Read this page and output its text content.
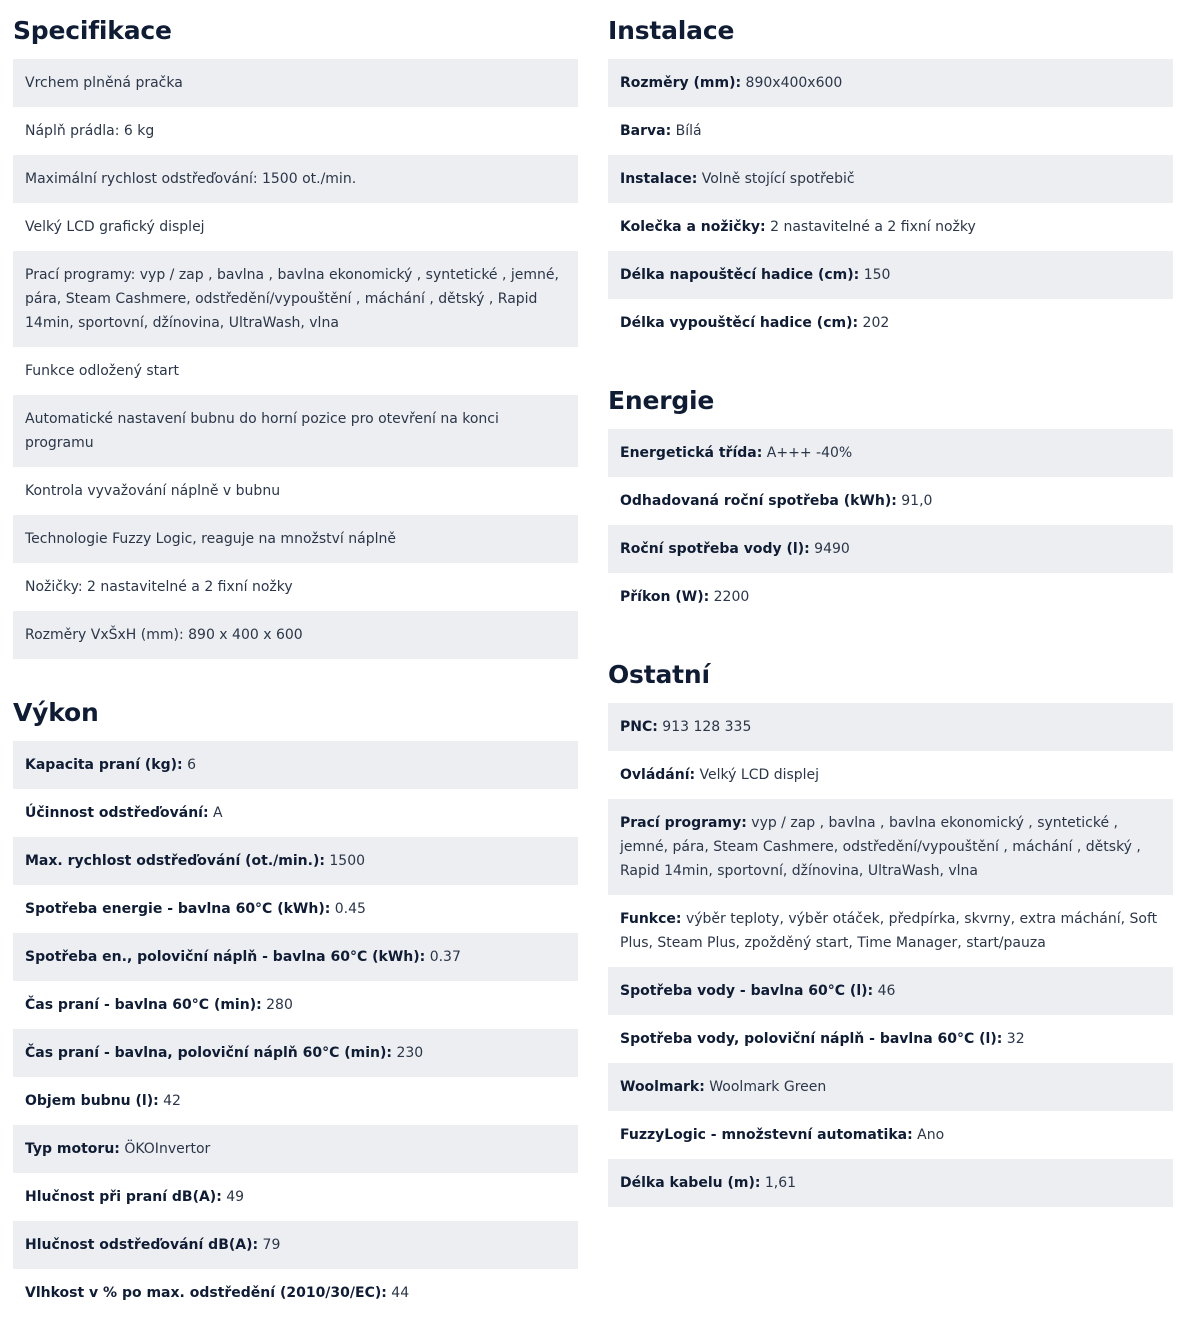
Specifikace
Vrchem plněná pračka
Náplň prádla: 6 kg
Maximální rychlost odstřeďování: 1500 ot./min.
Velký LCD grafický displej
Prací programy: vyp / zap , bavlna , bavlna ekonomický , syntetické , jemné, pára, Steam Cashmere, odstředění/vypouštění , máchání , dětský , Rapid 14min, sportovní, džínovina, UltraWash, vlna
Funkce odložený start
Automatické nastavení bubnu do horní pozice pro otevření na konci programu
Kontrola vyvažování náplně v bubnu
Technologie Fuzzy Logic, reaguje na množství náplně
Nožičky: 2 nastavitelné a 2 fixní nožky
Rozměry VxŠxH (mm): 890 x 400 x 600
Výkon
Kapacita praní (kg): 6
Účinnost odstřeďování: A
Max. rychlost odstřeďování (ot./min.): 1500
Spotřeba energie - bavlna 60°C (kWh): 0.45
Spotřeba en., poloviční náplň - bavlna 60°C (kWh): 0.37
Čas praní - bavlna 60°C (min): 280
Čas praní - bavlna, poloviční náplň 60°C (min): 230
Objem bubnu (l): 42
Typ motoru: ÖKOInvertor
Hlučnost při praní dB(A): 49
Hlučnost odstřeďování dB(A): 79
Vlhkost v % po max. odstředění (2010/30/EC): 44
Instalace
Rozměry (mm): 890x400x600
Barva: Bílá
Instalace: Volně stojící spotřebič
Kolečka a nožičky: 2 nastavitelné a 2 fixní nožky
Délka napouštěcí hadice (cm): 150
Délka vypouštěcí hadice (cm): 202
Energie
Energetická třída: A+++ -40%
Odhadovaná roční spotřeba (kWh): 91,0
Roční spotřeba vody (l): 9490
Příkon (W): 2200
Ostatní
PNC: 913 128 335
Ovládání: Velký LCD displej
Prací programy: vyp / zap , bavlna , bavlna ekonomický , syntetické , jemné, pára, Steam Cashmere, odstředění/vypouštění , máchání , dětský , Rapid 14min, sportovní, džínovina, UltraWash, vlna
Funkce: výběr teploty, výběr otáček, předpírka, skvrny, extra máchání, Soft Plus, Steam Plus, zpožděný start, Time Manager, start/pauza
Spotřeba vody - bavlna 60°C (l): 46
Spotřeba vody, poloviční náplň - bavlna 60°C (l): 32
Woolmark: Woolmark Green
FuzzyLogic - množstevní automatika: Ano
Délka kabelu (m): 1,61
